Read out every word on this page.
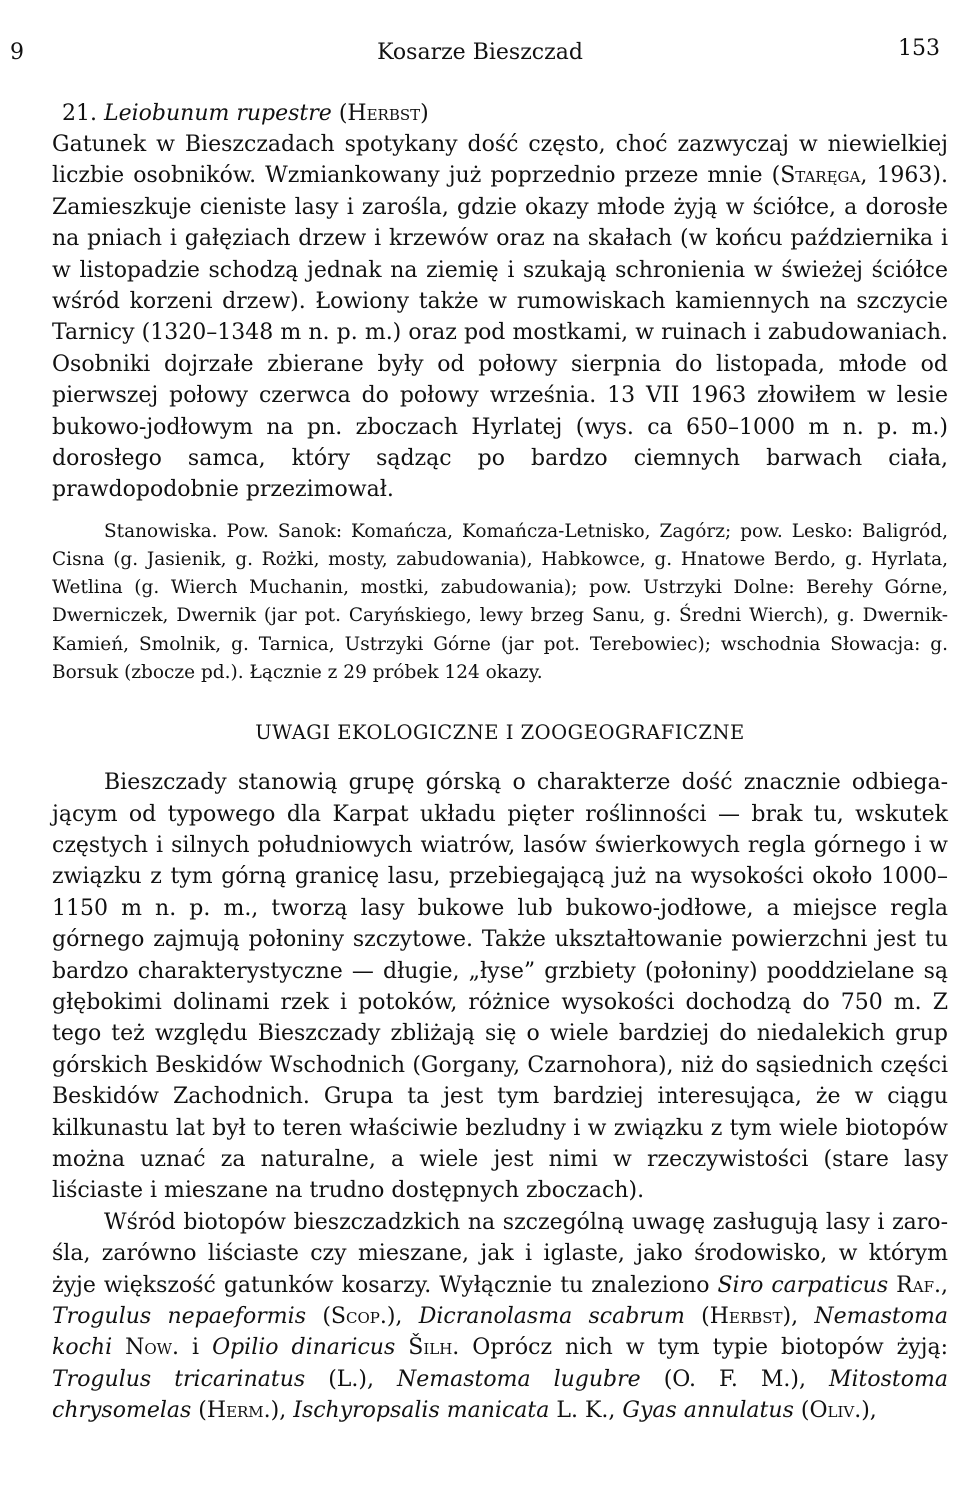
9	Kosarze Bieszczad	153
21. Leiobunum rupestre (Herbst)

Gatunek w Bieszczadach spotykany dość często, choć zazwyczaj w niewielkiej liczbie osobników. Wzmiankowany już poprzednio przeze mnie (Staręga, 1963). Zamieszkuje cieniste lasy i zarośla, gdzie okazy młode żyją w ściółce, a dorosłe na pniach i gałęziach drzew i krzewów oraz na skałach (w końcu października i w listopadzie schodzą jednak na ziemię i szukają schronienia w świeżej ściółce wśród korzeni drzew). Łowiony także w rumowiskach kamiennych na szczycie Tarnicy (1320–1348 m n. p. m.) oraz pod mostkami, w ruinach i zabudowaniach. Osobniki dojrzałe zbierane były od połowy sierpnia do listopada, młode od pierwszej połowy czerwca do połowy września. 13 VII 1963 złowiłem w lesie bukowo-jodłowym na pn. zboczach Hyrlatej (wys. ca 650–1000 m n. p. m.) dorosłego samca, który sądząc po bardzo ciemnych barwach ciała, prawdopodobnie przezimował.

Stanowiska. Pow. Sanok: Komańcza, Komańcza-Letnisko, Zagórz; pow. Lesko: Baligród, Cisna (g. Jasienik, g. Rożki, mosty, zabudowania), Habkowce, g. Hnatowe Berdo, g. Hyrlata, Wetlina (g. Wierch Muchanin, mostki, zabudowania); pow. Ustrzyki Dolne: Berehy Górne, Dwerniczek, Dwernik (jar pot. Caryńskiego, lewy brzeg Sanu, g. Średni Wierch), g. Dwernik-Kamień, Smolnik, g. Tarnica, Ustrzyki Górne (jar pot. Terebowiec); wschodnia Słowacja: g. Borsuk (zbocze pd.). Łącznie z 29 próbek 124 okazy.

UWAGI EKOLOGICZNE I ZOOGEOGRAFICZNE

Bieszczady stanowią grupę górską o charakterze dość znacznie odbiegającym od typowego dla Karpat układu pięter roślinności — brak tu, wskutek częstych i silnych południowych wiatrów, lasów świerkowych regla górnego i w związku z tym górną granicę lasu, przebiegającą już na wysokości około 1000–1150 m n. p. m., tworzą lasy bukowe lub bukowo-jodłowe, a miejsce regla górnego zajmują połoniny szczytowe. Także ukształtowanie powierzchni jest tu bardzo charakterystyczne — długie, „łyse” grzbiety (połoniny) pooddzielane są głębokimi dolinami rzek i potoków, różnice wysokości dochodzą do 750 m. Z tego też względu Bieszczady zbliżają się o wiele bardziej do niedalekich grup górskich Beskidów Wschodnich (Gorgany, Czarnohora), niż do sąsiednich części Beskidów Zachodnich. Grupa ta jest tym bardziej interesująca, że w ciągu kilkunastu lat był to teren właściwie bezludny i w związku z tym wiele biotopów można uznać za naturalne, a wiele jest nimi w rzeczywistości (stare lasy liściaste i mieszane na trudno dostępnych zboczach).

Wśród biotopów bieszczadzkich na szczególną uwagę zasługują lasy i zarośla, zarówno liściaste czy mieszane, jak i iglaste, jako środowisko, w którym żyje większość gatunków kosarzy. Wyłącznie tu znaleziono Siro carpaticus Raf., Trogulus nepaeformis (Scop.), Dicranolasma scabrum (Herbst), Nemastoma kochi Now. i Opilio dinaricus Šilh. Oprócz nich w tym typie biotopów żyją: Trogulus tricarinatus (L.), Nemastoma lugubre (O. F. M.), Mitostoma chrysomelas (Herm.), Ischyropsalis manicata L. K., Gyas annulatus (Oliv.),
